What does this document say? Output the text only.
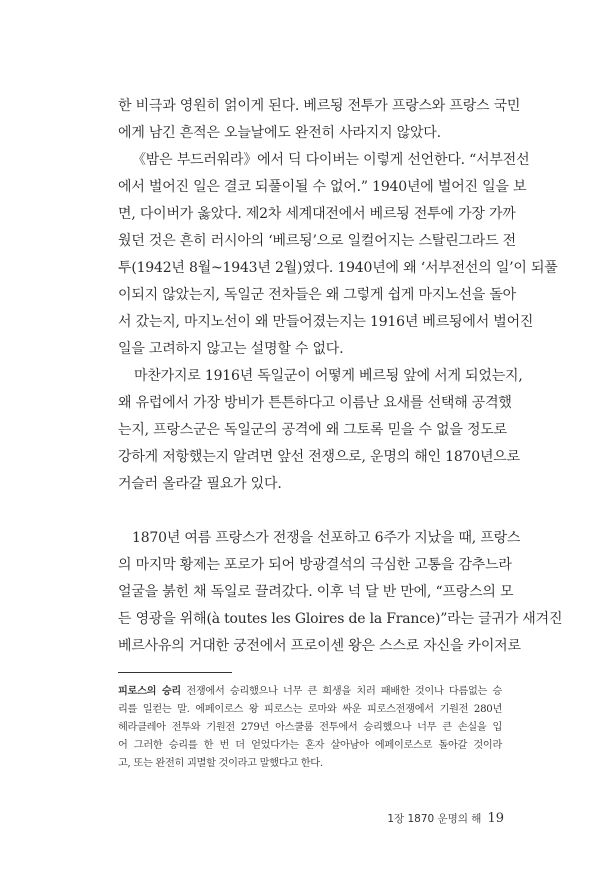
한 비극과 영원히 얽이게 된다. 베르됭 전투가 프랑스와 프랑스 국민
에게 남긴 흔적은 오늘날에도 완전히 사라지지 않았다.
《밤은 부드러워라》에서 딕 다이버는 이렇게 선언한다. “서부전선
에서 벌어진 일은 결코 되풀이될 수 없어.” 1940년에 벌어진 일을 보
면, 다이버가 옳았다. 제2차 세계대전에서 베르됭 전투에 가장 가까
웠던 것은 흔히 러시아의 ‘베르됭’으로 일컬어지는 스탈린그라드 전
투(1942년 8월~1943년 2월)였다. 1940년에 왜 ‘서부전선의 일’이 되풀
이되지 않았는지, 독일군 전차들은 왜 그렇게 쉽게 마지노선을 돌아
서 갔는지, 마지노선이 왜 만들어졌는지는 1916년 베르됭에서 벌어진
일을 고려하지 않고는 설명할 수 없다.
마찬가지로 1916년 독일군이 어떻게 베르됭 앞에 서게 되었는지,
왜 유럽에서 가장 방비가 튼튼하다고 이름난 요새를 선택해 공격했
는지, 프랑스군은 독일군의 공격에 왜 그토록 믿을 수 없을 정도로
강하게 저항했는지 알려면 앞선 전쟁으로, 운명의 해인 1870년으로
거슬러 올라갈 필요가 있다.
1870년 여름 프랑스가 전쟁을 선포하고 6주가 지났을 때, 프랑스
의 마지막 황제는 포로가 되어 방광결석의 극심한 고통을 감추느라
얼굴을 붉힌 채 독일로 끌려갔다. 이후 넉 달 반 만에, “프랑스의 모
든 영광을 위해(à toutes les Gloires de la France)”라는 글귀가 새겨진
베르사유의 거대한 궁전에서 프로이센 왕은 스스로 자신을 카이저로
피로스의 승리 전쟁에서 승리했으나 너무 큰 희생을 치러 패배한 것이나 다름없는 승
리를 일컫는 말. 에페이로스 왕 피로스는 로마와 싸운 피로스전쟁에서 기원전 280년
헤라클레아 전투와 기원전 279년 아스쿨룸 전투에서 승리했으나 너무 큰 손실을 입
어 그러한 승리를 한 번 더 얻었다가는 혼자 살아남아 에페이로스로 돌아갈 것이라
고, 또는 완전히 괴멸할 것이라고 말했다고 한다.
1장 1870 운명의 해 19
